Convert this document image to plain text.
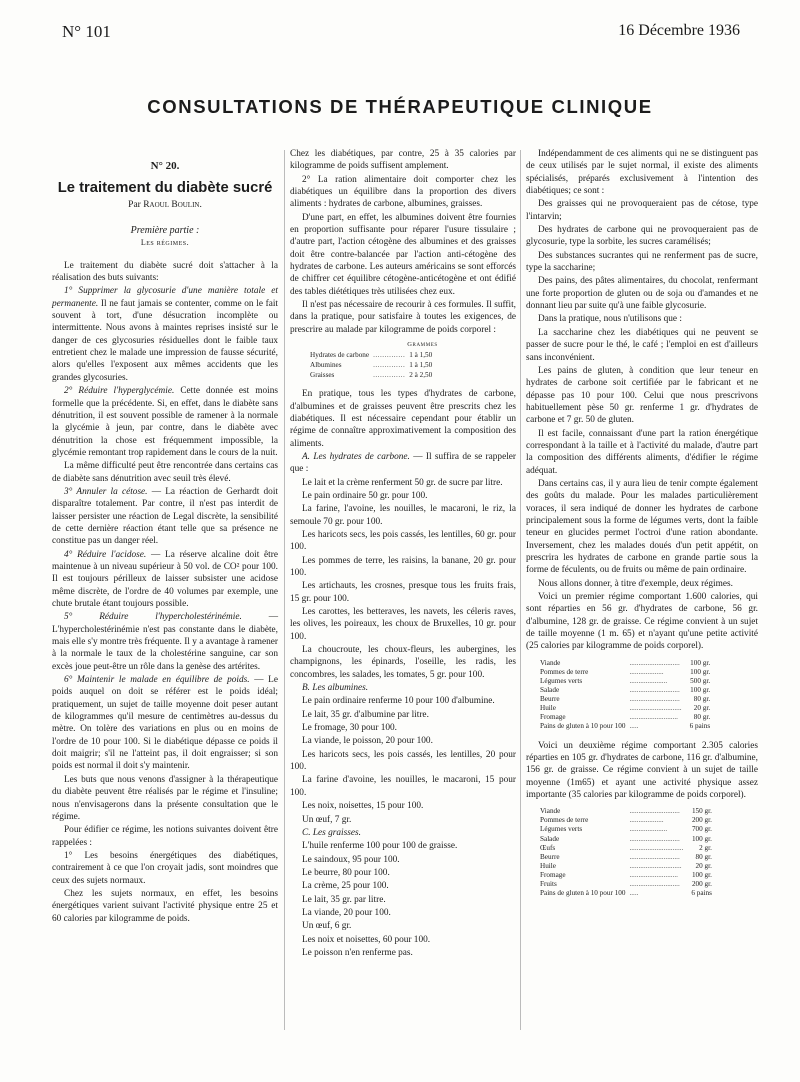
N° 101	16 Décembre 1936
CONSULTATIONS DE THÉRAPEUTIQUE CLINIQUE
N° 20.
Le traitement du diabète sucré
Par Raoul Boulin.
Première partie :
Les régimes.

Le traitement du diabète sucré doit s'attacher à la réalisation des buts suivants:

1° Supprimer la glycosurie d'une manière totale et permanente. Il ne faut jamais se contenter, comme on le fait souvent à tort, d'une désucration incomplète ou intermittente. Nous avons à maintes reprises insisté sur le danger de ces glycosuries résiduelles dont le faible taux entretient chez le malade une impression de fausse sécurité, alors qu'elles l'exposent aux mêmes accidents que les grandes glycosuries.

2° Réduire l'hyperglycémie. Cette donnée est moins formelle que la précédente. Si, en effet, dans le diabète sans dénutrition, il est souvent possible de ramener à la normale la glycémie à jeun, par contre, dans le diabète avec dénutrition la chose est fréquemment impossible, la glycémie remontant trop rapidement dans le cours de la nuit.

La même difficulté peut être rencontrée dans certains cas de diabète sans dénutrition avec seuil très élevé.

3° Annuler la cétose. — La réaction de Gerhardt doit disparaître totalement. Par contre, il n'est pas interdit de laisser persister une réaction de Legal discrète, la sensibilité de cette dernière réaction étant telle que sa présence ne constitue pas un danger réel.

4° Réduire l'acidose. — La réserve alcaline doit être maintenue à un niveau supérieur à 50 vol. de CO² pour 100. Il est toujours périlleux de laisser subsister une acidose même discrète, de l'ordre de 40 volumes par exemple, une chute brutale étant toujours possible.

5° Réduire l'hypercholestérinémie. — L'hypercholestérinémie n'est pas constante dans le diabète, mais elle s'y montre très fréquente. Il y a avantage à ramener à la normale le taux de la cholestérine sanguine, car son excès joue peut-être un rôle dans la genèse des artérites.

6° Maintenir le malade en équilibre de poids. — Le poids auquel on doit se référer est le poids idéal; pratiquement, un sujet de taille moyenne doit peser autant de kilogrammes qu'il mesure de centimètres au-dessus du mètre. On tolère des variations en plus ou en moins de l'ordre de 10 pour 100. Si le diabétique dépasse ce poids il doit maigrir; s'il ne l'atteint pas, il doit engraisser; si son poids est normal il doit s'y maintenir.

Les buts que nous venons d'assigner à la thérapeutique du diabète peuvent être réalisés par le régime et l'insuline; nous n'envisagerons dans la présente consultation que le régime.

Pour édifier ce régime, les notions suivantes doivent être rappelées :

1° Les besoins énergétiques des diabétiques, contrairement à ce que l'on croyait jadis, sont moindres que ceux des sujets normaux.

Chez les sujets normaux, en effet, les besoins énergétiques varient suivant l'activité physique entre 25 et 60 calories par kilogramme de poids.

Chez les diabétiques, par contre, 25 à 35 calories par kilogramme de poids suffisent amplement.

2° La ration alimentaire doit comporter chez les diabétiques un équilibre dans la proportion des divers aliments : hydrates de carbone, albumines, graisses.

D'une part, en effet, les albumines doivent être fournies en proportion suffisante pour réparer l'usure tissulaire ; d'autre part, l'action cétogène des albumines et des graisses doit être contre-balancée par l'action anti-cétogène des hydrates de carbone. Les auteurs américains se sont efforcés de chiffrer cet équilibre cétogène-anticétogène et ont édifié des tables diététiques très utilisées chez eux.

Il n'est pas nécessaire de recourir à ces formules. Il suffit, dans la pratique, pour satisfaire à toutes les exigences, de prescrire au malade par kilogramme de poids corporel :

		Grammes
Hydrates de carbone	..............	1 à 1,50
Albumines	..............	1 à 1,50
Graisses	..............	2 à 2,50

En pratique, tous les types d'hydrates de carbone, d'albumines et de graisses peuvent être prescrits chez les diabétiques. Il est nécessaire cependant pour établir un régime de connaître approximativement la composition des aliments.

A. Les hydrates de carbone. — Il suffira de se rappeler que :

Le lait et la crème renferment 50 gr. de sucre par litre.

Le pain ordinaire 50 gr. pour 100.

La farine, l'avoine, les nouilles, le macaroni, le riz, la semoule 70 gr. pour 100.

Les haricots secs, les pois cassés, les lentilles, 60 gr. pour 100.

Les pommes de terre, les raisins, la banane, 20 gr. pour 100.

Les artichauts, les crosnes, presque tous les fruits frais, 15 gr. pour 100.

Les carottes, les betteraves, les navets, les céleris raves, les olives, les poireaux, les choux de Bruxelles, 10 gr. pour 100.

La choucroute, les choux-fleurs, les aubergines, les champignons, les épinards, l'oseille, les radis, les concombres, les salades, les tomates, 5 gr. pour 100.

B. Les albumines.

Le pain ordinaire renferme 10 pour 100 d'albumine.

Le lait, 35 gr. d'albumine par litre.

Le fromage, 30 pour 100.

La viande, le poisson, 20 pour 100.

Les haricots secs, les pois cassés, les lentilles, 20 pour 100.

La farine d'avoine, les nouilles, le macaroni, 15 pour 100.

Les noix, noisettes, 15 pour 100.

Un œuf, 7 gr.

C. Les graisses.

L'huile renferme 100 pour 100 de graisse.

Le saindoux, 95 pour 100.

Le beurre, 80 pour 100.

La crème, 25 pour 100.

Le lait, 35 gr. par litre.

La viande, 20 pour 100.

Un œuf, 6 gr.

Les noix et noisettes, 60 pour 100.

Le poisson n'en renferme pas.

Indépendamment de ces aliments qui ne se distinguent pas de ceux utilisés par le sujet normal, il existe des aliments spécialisés, préparés exclusivement à l'intention des diabétiques; ce sont :

Des graisses qui ne provoqueraient pas de cétose, type l'intarvin;

Des hydrates de carbone qui ne provoqueraient pas de glycosurie, type la sorbite, les sucres caramélisés;

Des substances sucrantes qui ne renferment pas de sucre, type la saccharine;

Des pains, des pâtes alimentaires, du chocolat, renfermant une forte proportion de gluten ou de soja ou d'amandes et ne donnant lieu par suite qu'à une faible glycosurie.

Dans la pratique, nous n'utilisons que :

La saccharine chez les diabétiques qui ne peuvent se passer de sucre pour le thé, le café ; l'emploi en est d'ailleurs sans inconvénient.

Les pains de gluten, à condition que leur teneur en hydrates de carbone soit certifiée par le fabricant et ne dépasse pas 10 pour 100. Celui que nous prescrivons habituellement pèse 50 gr. renferme 1 gr. d'hydrates de carbone et 7 gr. 50 de gluten.

Il est facile, connaissant d'une part la ration énergétique correspondant à la taille et à l'activité du malade, d'autre part la composition des différents aliments, d'édifier le régime adéquat.

Dans certains cas, il y aura lieu de tenir compte également des goûts du malade. Pour les malades particulièrement voraces, il sera indiqué de donner les hydrates de carbone principalement sous la forme de légumes verts, dont la faible teneur en glucides permet l'octroi d'une ration abondante. Inversement, chez les malades doués d'un petit appétit, on prescrira les hydrates de carbone en grande partie sous la forme de féculents, ou de fruits ou même de pain ordinaire.

Nous allons donner, à titre d'exemple, deux régimes.

Voici un premier régime comportant 1.600 calories, qui sont réparties en 56 gr. d'hydrates de carbone, 56 gr. d'albumine, 128 gr. de graisse. Ce régime convient à un sujet de taille moyenne (1 m. 65) et n'ayant qu'une petite activité (25 calories par kilogramme de poids corporel).

Viande	............................	100 gr.
Pommes de terre	...................	100 gr.
Légumes verts	.....................	500 gr.
Salade	............................	100 gr.
Beurre	............................	80 gr.
Huile	.............................	20 gr.
Fromage	...........................	80 gr.
Pains de gluten à 10 pour 100	.....	6 pains

Voici un deuxième régime comportant 2.305 calories réparties en 105 gr. d'hydrates de carbone, 116 gr. d'albumine, 156 gr. de graisse. Ce régime convient à un sujet de taille moyenne (1m65) et ayant une activité physique assez importante (35 calories par kilogramme de poids corporel).

Viande	............................	150 gr.
Pommes de terre	...................	200 gr.
Légumes verts	.....................	700 gr.
Salade	............................	100 gr.
Œufs	..............................	2 gr.
Beurre	............................	80 gr.
Huile	.............................	20 gr.
Fromage	...........................	100 gr.
Fruits	............................	200 gr.
Pains de gluten à 10 pour 100	.....	6 pains
